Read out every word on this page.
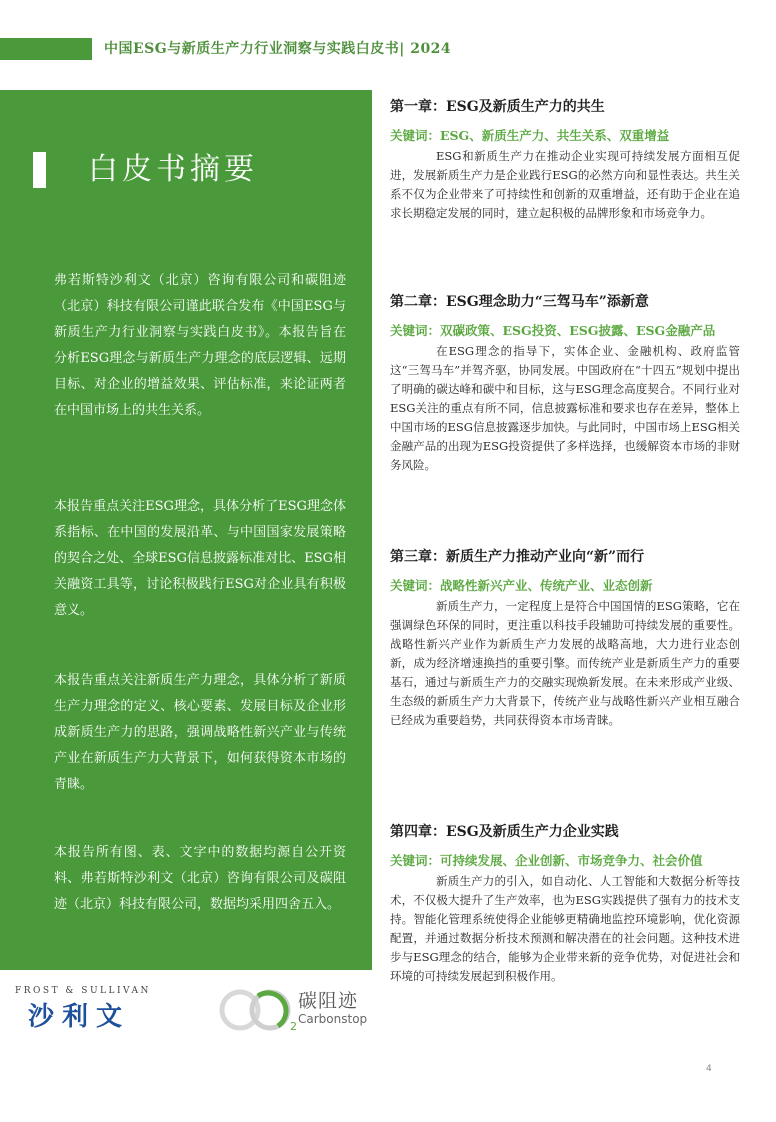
中国ESG与新质生产力行业洞察与实践白皮书| 2024
白皮书摘要

弗若斯特沙利文（北京）咨询有限公司和碳阻迹（北京）科技有限公司谨此联合发布《中国ESG与新质生产力行业洞察与实践白皮书》。本报告旨在分析ESG理念与新质生产力理念的底层逻辑、远期目标、对企业的增益效果、评估标准，来论证两者在中国市场上的共生关系。

本报告重点关注ESG理念，具体分析了ESG理念体系指标、在中国的发展沿革、与中国国家发展策略的契合之处、全球ESG信息披露标准对比、ESG相关融资工具等，讨论积极践行ESG对企业具有积极意义。

本报告重点关注新质生产力理念，具体分析了新质生产力理念的定义、核心要素、发展目标及企业形成新质生产力的思路，强调战略性新兴产业与传统产业在新质生产力大背景下，如何获得资本市场的青睐。

本报告所有图、表、文字中的数据均源自公开资料、弗若斯特沙利文（北京）咨询有限公司及碳阻迹（北京）科技有限公司，数据均采用四舍五入。

FROST & SULLIVAN
沙利文	2
碳阻迹
Carbonstop
第一章：ESG及新质生产力的共生
关键词：ESG、新质生产力、共生关系、双重增益

ESG和新质生产力在推动企业实现可持续发展方面相互促进，发展新质生产力是企业践行ESG的必然方向和显性表达。共生关系不仅为企业带来了可持续性和创新的双重增益，还有助于企业在追求长期稳定发展的同时，建立起积极的品牌形象和市场竞争力。

第二章：ESG理念助力“三驾马车”添新意
关键词：双碳政策、ESG投资、ESG披露、ESG金融产品

在ESG理念的指导下，实体企业、金融机构、政府监管这“三驾马车”并驾齐驱，协同发展。中国政府在“十四五”规划中提出了明确的碳达峰和碳中和目标，这与ESG理念高度契合。不同行业对ESG关注的重点有所不同，信息披露标准和要求也存在差异，整体上中国市场的ESG信息披露逐步加快。与此同时，中国市场上ESG相关金融产品的出现为ESG投资提供了多样选择，也缓解资本市场的非财务风险。

第三章：新质生产力推动产业向“新”而行
关键词：战略性新兴产业、传统产业、业态创新

新质生产力，一定程度上是符合中国国情的ESG策略，它在强调绿色环保的同时，更注重以科技手段辅助可持续发展的重要性。战略性新兴产业作为新质生产力发展的战略高地，大力进行业态创新，成为经济增速换挡的重要引擎。而传统产业是新质生产力的重要基石，通过与新质生产力的交融实现焕新发展。在未来形成产业级、生态级的新质生产力大背景下，传统产业与战略性新兴产业相互融合已经成为重要趋势，共同获得资本市场青睐。

第四章：ESG及新质生产力企业实践
关键词：可持续发展、企业创新、市场竞争力、社会价值

新质生产力的引入，如自动化、人工智能和大数据分析等技术，不仅极大提升了生产效率，也为ESG实践提供了强有力的技术支持。智能化管理系统使得企业能够更精确地监控环境影响，优化资源配置，并通过数据分析技术预测和解决潜在的社会问题。这种技术进步与ESG理念的结合，能够为企业带来新的竞争优势，对促进社会和环境的可持续发展起到积极作用。

4
